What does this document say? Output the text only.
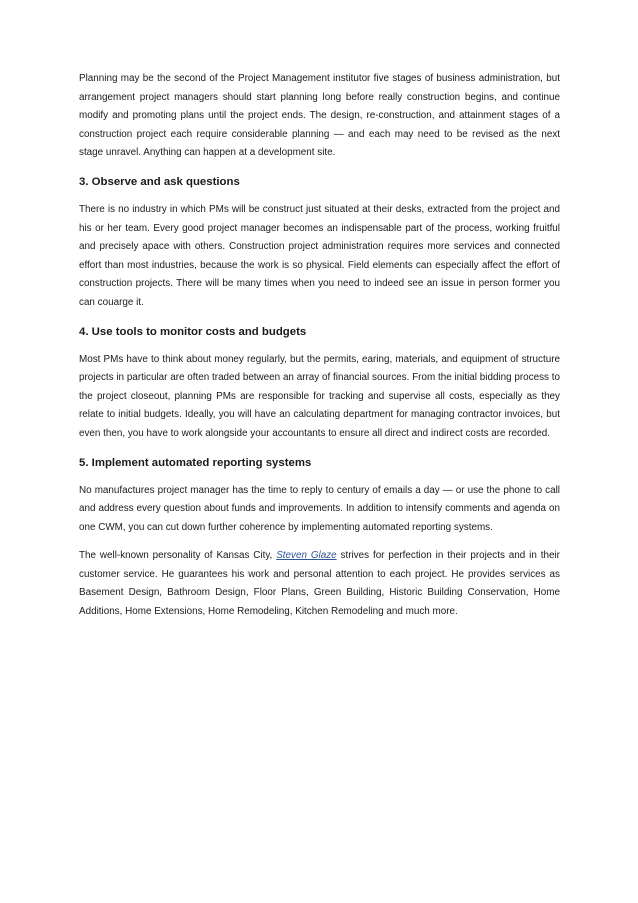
Planning may be the second of the Project Management institutor five stages of business administration, but arrangement project managers should start planning long before really construction begins, and continue modify and promoting plans until the project ends. The design, re-construction, and attainment stages of a construction project each require considerable planning — and each may need to be revised as the next stage unravel. Anything can happen at a development site.

3. Observe and ask questions

There is no industry in which PMs will be construct just situated at their desks, extracted from the project and his or her team. Every good project manager becomes an indispensable part of the process, working fruitful and precisely apace with others. Construction project administration requires more services and connected effort than most industries, because the work is so physical. Field elements can especially affect the effort of construction projects. There will be many times when you need to indeed see an issue in person former you can couarge it.

4. Use tools to monitor costs and budgets

Most PMs have to think about money regularly, but the permits, earing, materials, and equipment of structure projects in particular are often traded between an array of financial sources. From the initial bidding process to the project closeout, planning PMs are responsible for tracking and supervise all costs, especially as they relate to initial budgets. Ideally, you will have an calculating department for managing contractor invoices, but even then, you have to work alongside your accountants to ensure all direct and indirect costs are recorded.

5. Implement automated reporting systems

No manufactures project manager has the time to reply to century of emails a day — or use the phone to call and address every question about funds and improvements. In addition to intensify comments and agenda on one CWM, you can cut down further coherence by implementing automated reporting systems.

The well-known personality of Kansas City, Steven Glaze strives for perfection in their projects and in their customer service. He guarantees his work and personal attention to each project. He provides services as Basement Design, Bathroom Design, Floor Plans, Green Building, Historic Building Conservation, Home Additions, Home Extensions, Home Remodeling, Kitchen Remodeling and much more.
